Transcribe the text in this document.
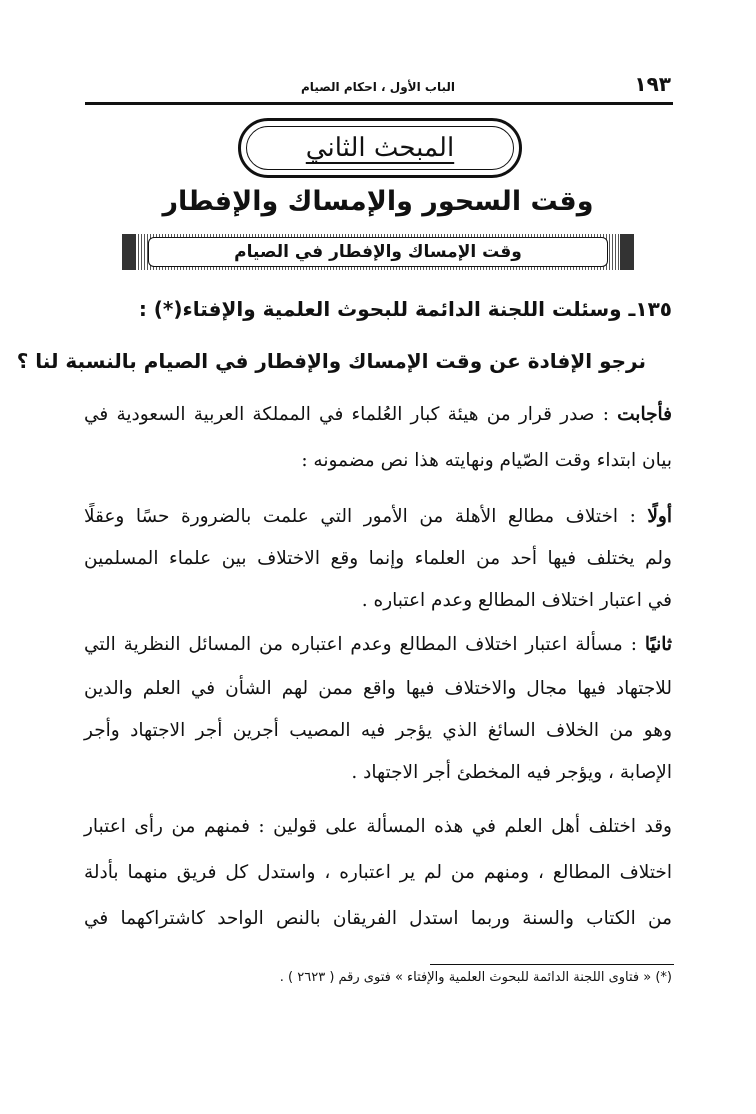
١٩٣
الباب الأول ، احكام الصيام
المبحث الثاني
وقت السحور والإمساك والإفطار
وقت الإمساك والإفطار في الصيام
١٣٥ـ وسئلت اللجنة الدائمة للبحوث العلمية والإفتاء(*) :
نرجو الإفادة عن وقت الإمساك والإفطار في الصيام بالنسبة لنا ؟
فأجابت : صدر قرار من هيئة كبار العُلماء في المملكة العربية السعودية في
بيان ابتداء وقت الصّيام ونهايته هذا نص مضمونه :
أولًا : اختلاف مطالع الأهلة من الأمور التي علمت بالضرورة حسًا وعقلًا
ولم يختلف فيها أحد من العلماء وإنما وقع الاختلاف بين علماء المسلمين
في اعتبار اختلاف المطالع وعدم اعتباره .
ثانيًا : مسألة اعتبار اختلاف المطالع وعدم اعتباره من المسائل النظرية التي
للاجتهاد فيها مجال والاختلاف فيها واقع ممن لهم الشأن في العلم والدين
وهو من الخلاف السائغ الذي يؤجر فيه المصيب أجرين أجر الاجتهاد وأجر
الإصابة ، ويؤجر فيه المخطئ أجر الاجتهاد .
وقد اختلف أهل العلم في هذه المسألة على قولين : فمنهم من رأى اعتبار
اختلاف المطالع ، ومنهم من لم ير اعتباره ، واستدل كل فريق منهما بأدلة
من الكتاب والسنة وربما استدل الفريقان بالنص الواحد كاشتراكهما في
(*) « فتاوى اللجنة الدائمة للبحوث العلمية والإفتاء » فتوى رقم ( ٢٦٢٣ ) .
